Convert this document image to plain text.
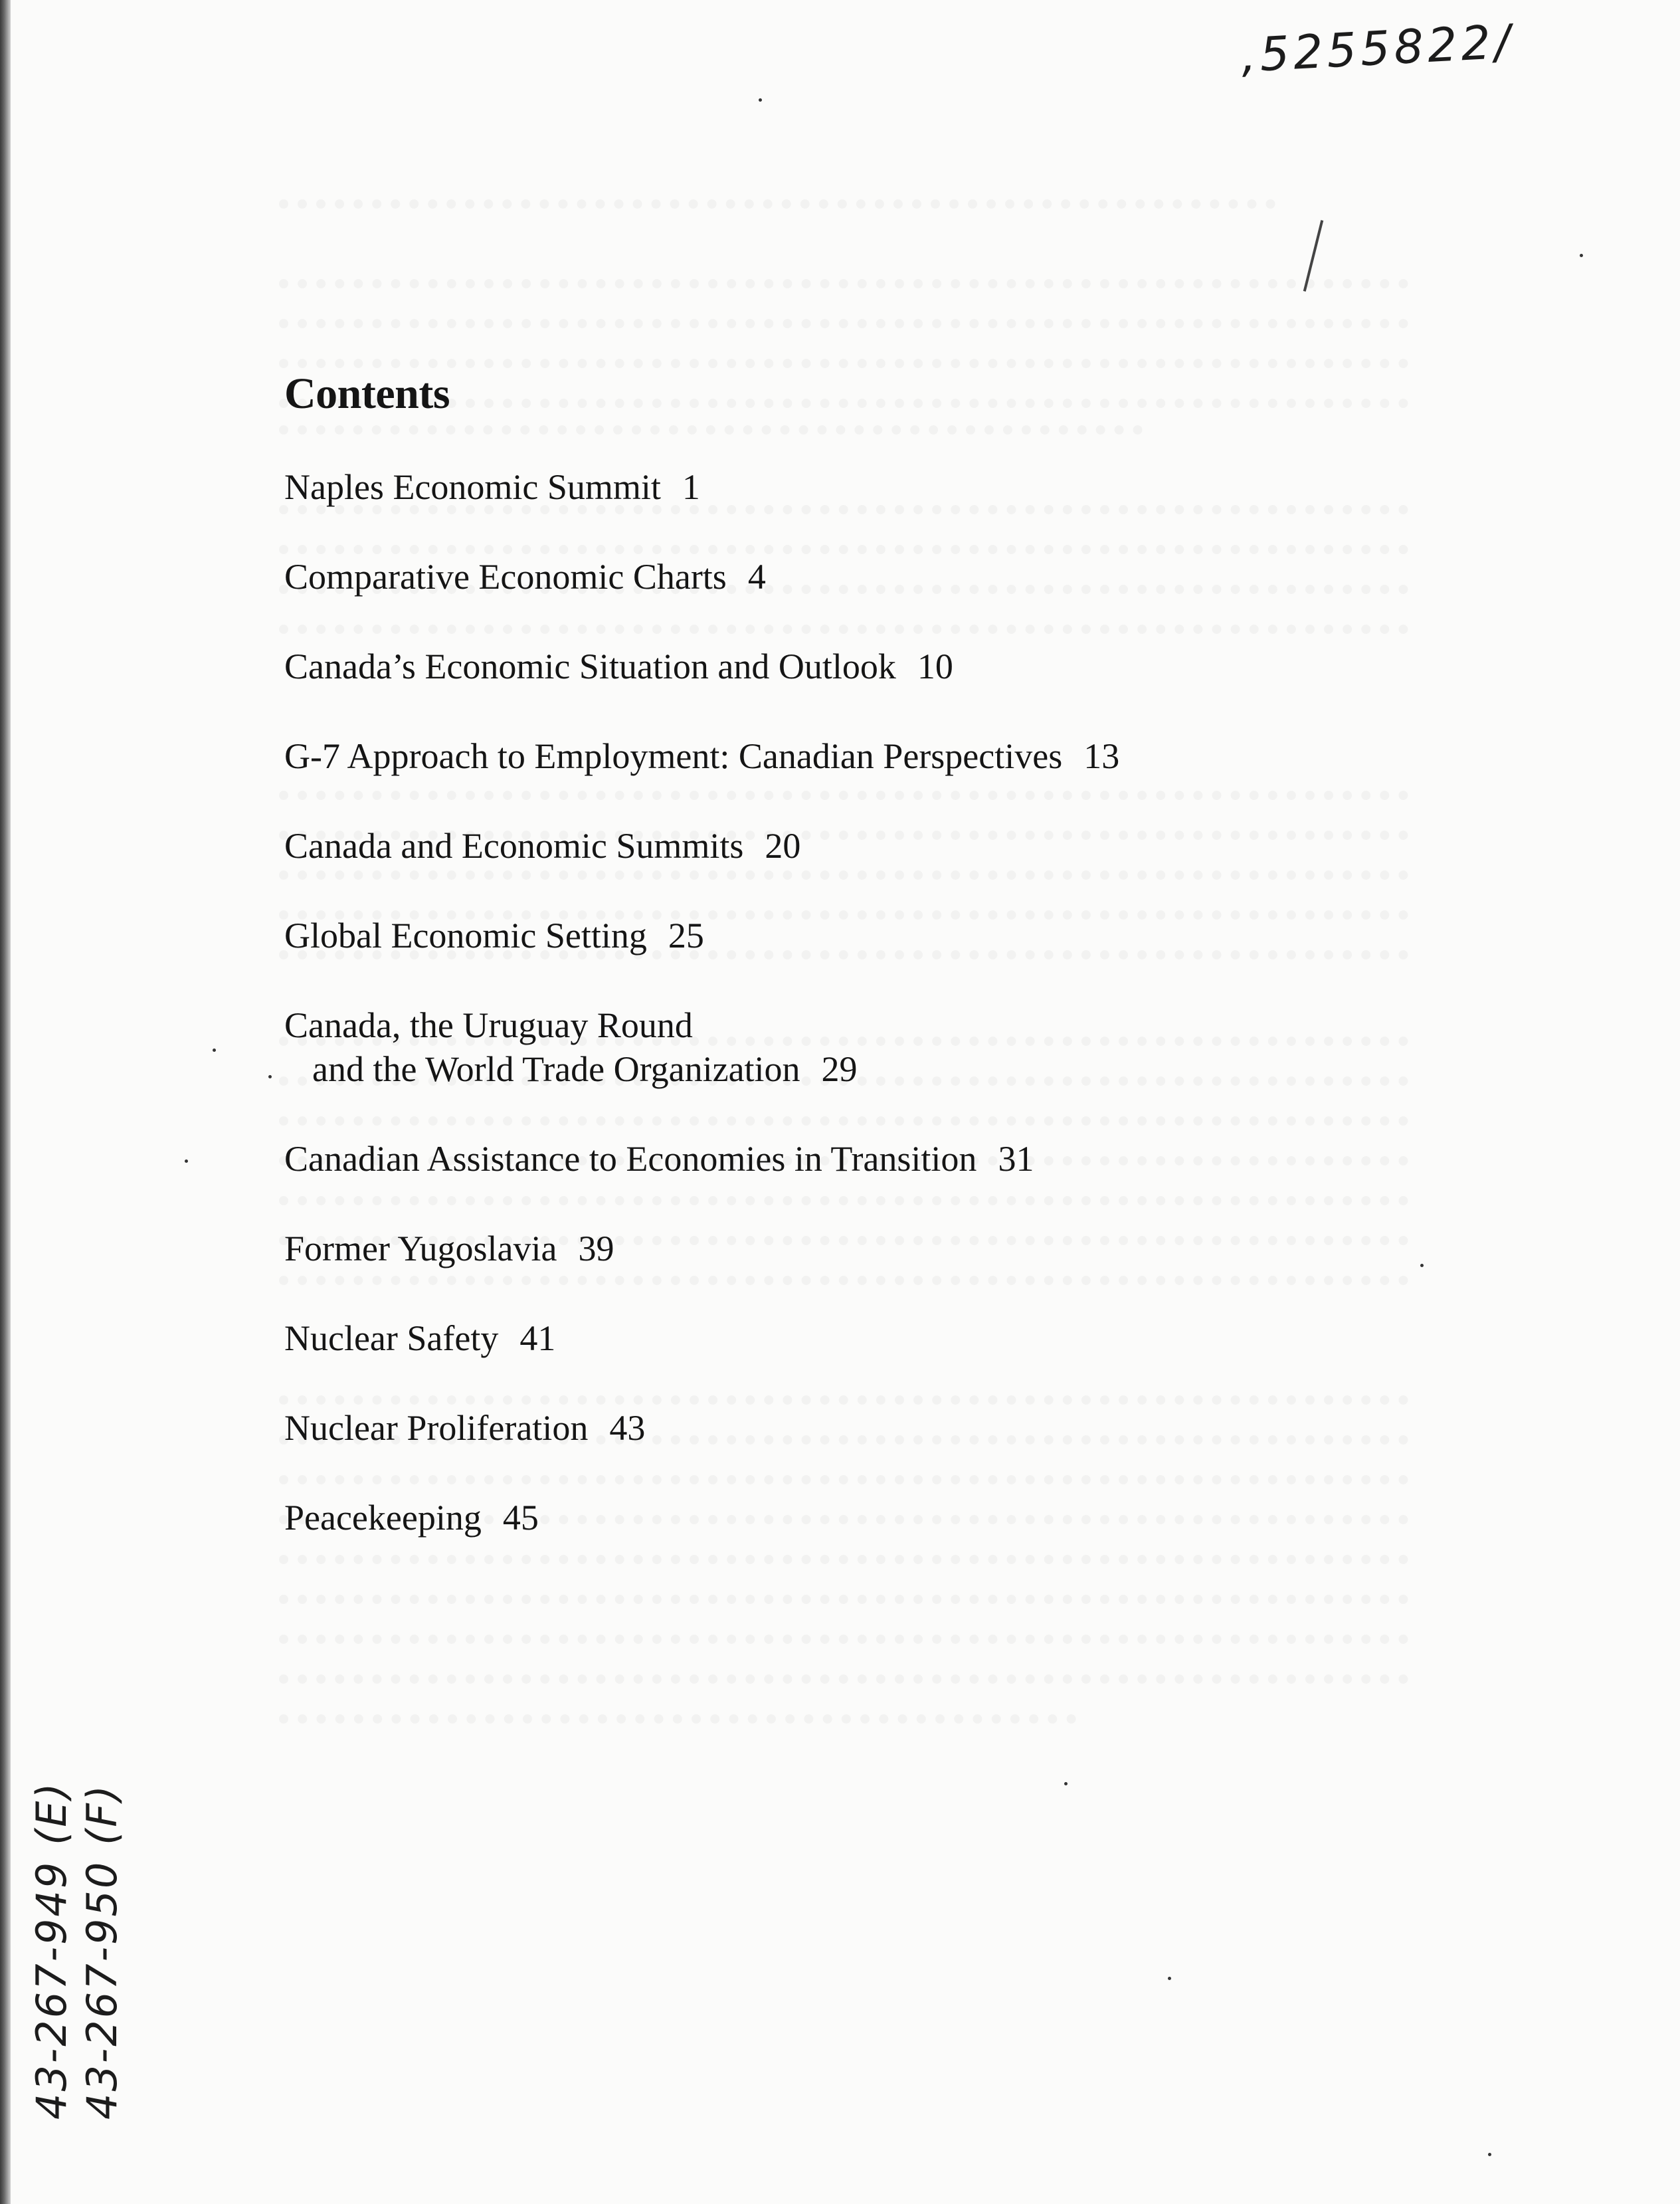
,5255822/
43-267-949 (E) 43-267-950 (F)
Contents
Naples Economic Summit 1
Comparative Economic Charts 4
Canada’s Economic Situation and Outlook 10
G-7 Approach to Employment: Canadian Perspectives 13
Canada and Economic Summits 20
Global Economic Setting 25
Canada, the Uruguay Round
and the World Trade Organization 29
Canadian Assistance to Economies in Transition 31
Former Yugoslavia 39
Nuclear Safety 41
Nuclear Proliferation 43
Peacekeeping 45
